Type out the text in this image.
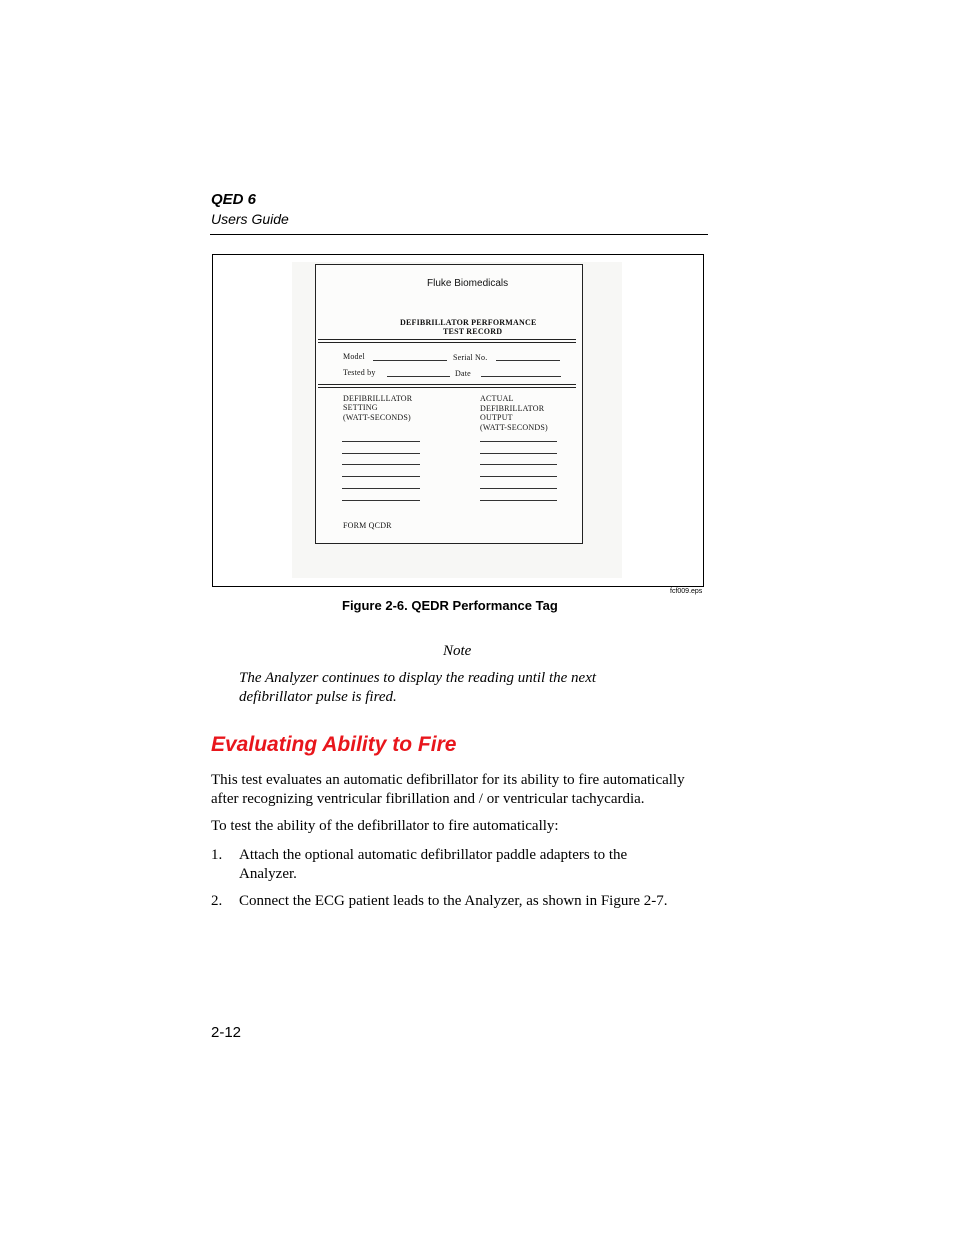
QED 6
Users Guide
Fluke Biomedicals
DEFIBRILLATOR PERFORMANCE
TEST RECORD
Model	Serial No.
Tested by	Date
DEFIBRILLLATOR
SETTING
(WATT-SECONDS)
ACTUAL
DEFIBRILLATOR
OUTPUT
(WATT-SECONDS)
FORM QCDR
fcf009.eps
Figure 2-6. QEDR Performance Tag
Note
The Analyzer continues to display the reading until the next defibrillator pulse is fired.
Evaluating Ability to Fire
This test evaluates an automatic defibrillator for its ability to fire automatically after recognizing ventricular fibrillation and / or ventricular tachycardia.
To test the ability of the defibrillator to fire automatically:
1. Attach the optional automatic defibrillator paddle adapters to the Analyzer.
2. Connect the ECG patient leads to the Analyzer, as shown in Figure 2-7.
2-12
